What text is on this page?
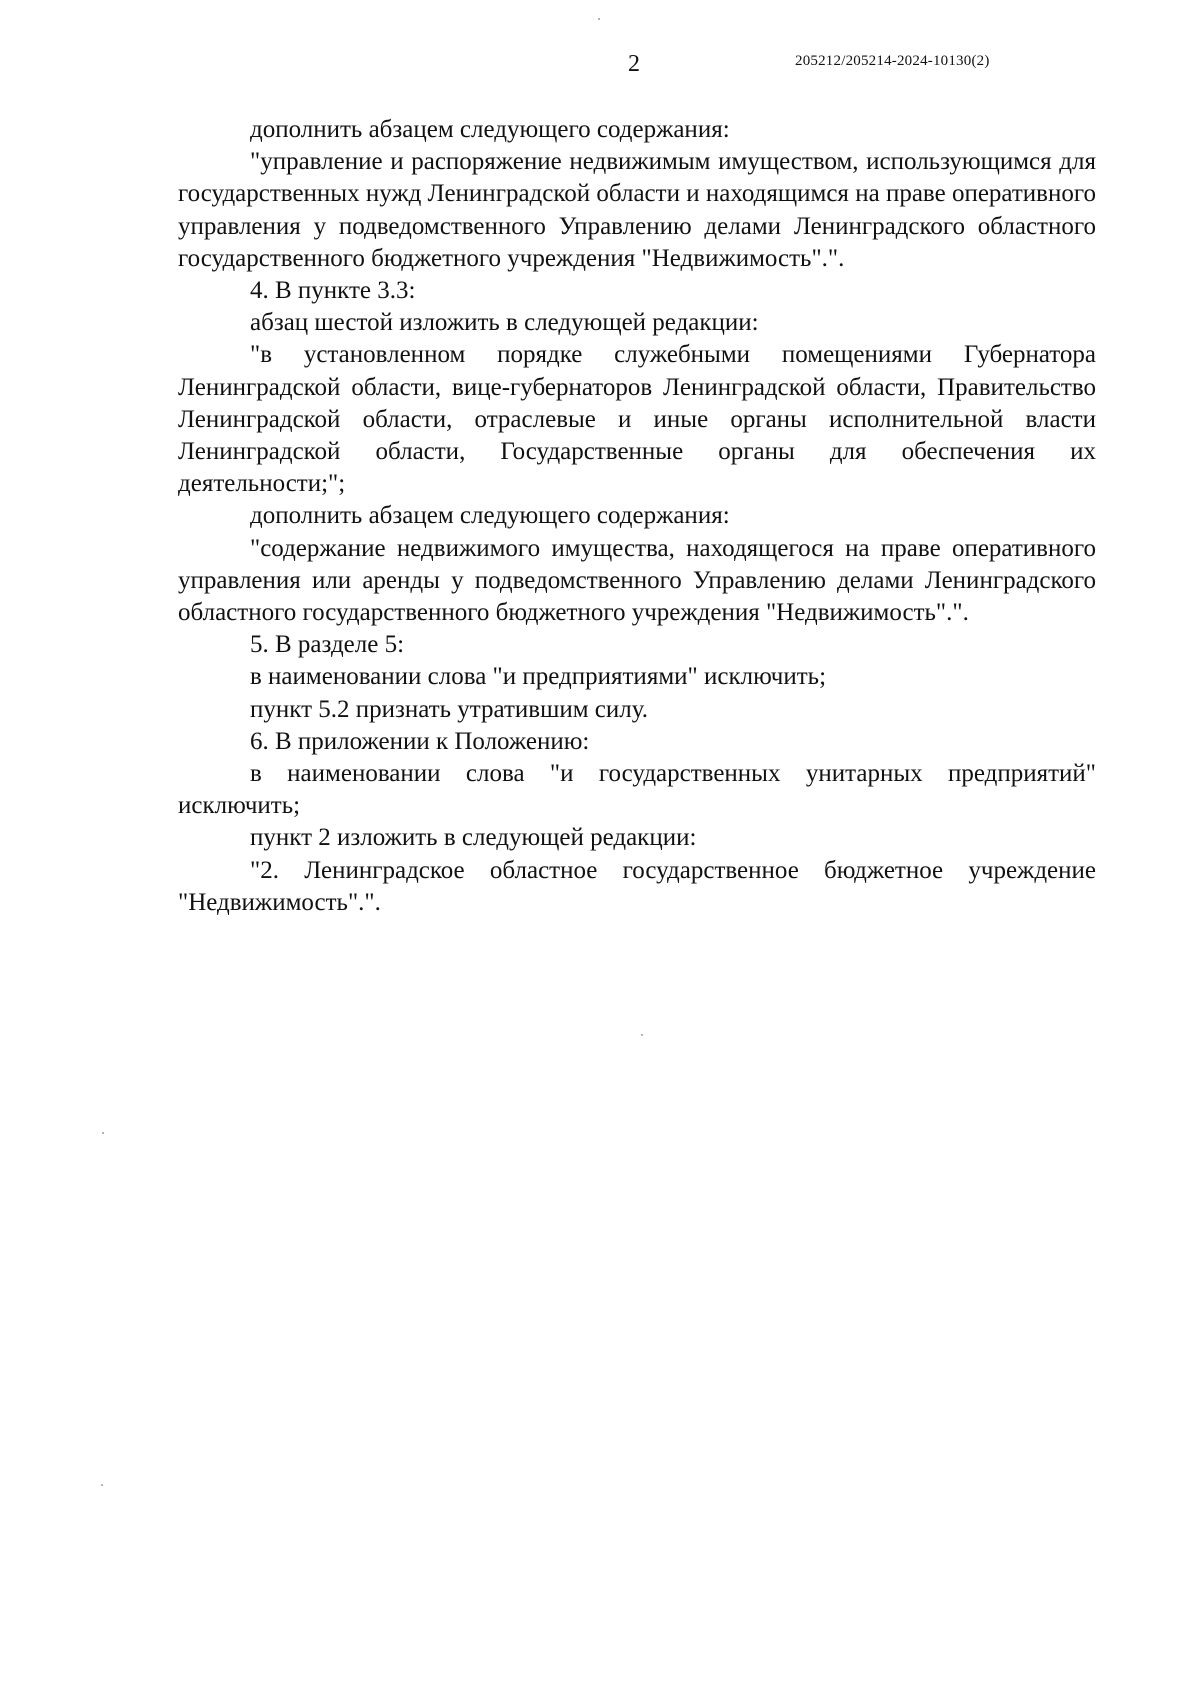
2	205212/205214-2024-10130(2)

дополнить абзацем следующего содержания:

"управление и распоряжение недвижимым имуществом, использующимся для государственных нужд Ленинградской области и находящимся на праве оперативного управления у подведомственного Управлению делами Ленинградского областного государственного бюджетного учреждения "Недвижимость".".

4. В пункте 3.3:

абзац шестой изложить в следующей редакции:

"в установленном порядке служебными помещениями Губернатора Ленинградской области, вице-губернаторов Ленинградской области, Правительство Ленинградской области, отраслевые и иные органы исполнительной власти Ленинградской области, Государственные органы для обеспечения их деятельности;";

дополнить абзацем следующего содержания:

"содержание недвижимого имущества, находящегося на праве оперативного управления или аренды у подведомственного Управлению делами Ленинградского областного государственного бюджетного учреждения "Недвижимость".".

5. В разделе 5:

в наименовании слова "и предприятиями" исключить;

пункт 5.2 признать утратившим силу.

6. В приложении к Положению:

в наименовании слова "и государственных унитарных предприятий" исключить;

пункт 2 изложить в следующей редакции:

"2. Ленинградское областное государственное бюджетное учреждение "Недвижимость".".
